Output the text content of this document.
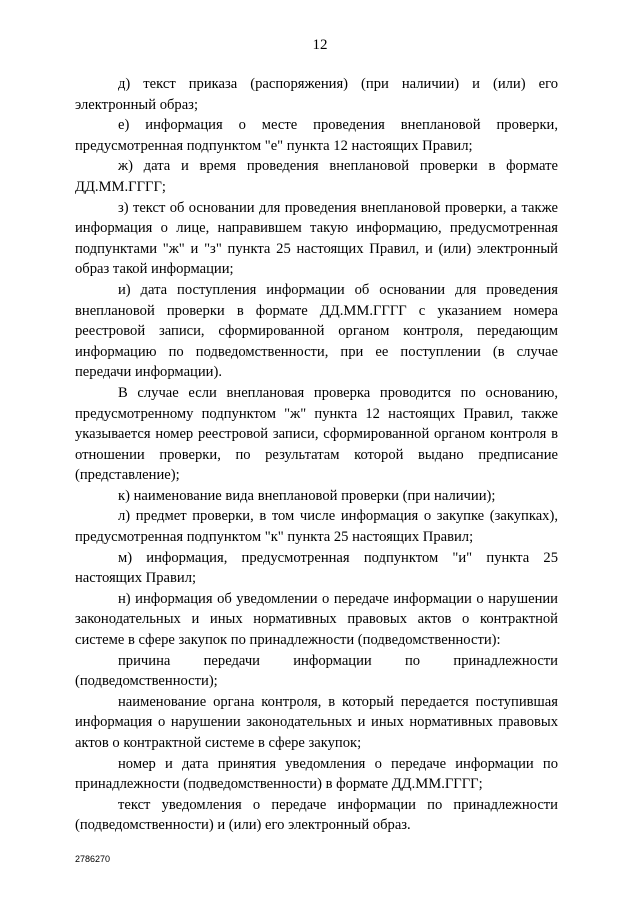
12

д) текст приказа (распоряжения) (при наличии) и (или) его электронный образ;

е) информация о месте проведения внеплановой проверки, предусмотренная подпунктом "е" пункта 12 настоящих Правил;

ж) дата и время проведения внеплановой проверки в формате ДД.ММ.ГГГГ;

з) текст об основании для проведения внеплановой проверки, а также информация о лице, направившем такую информацию, предусмотренная подпунктами "ж" и "з" пункта 25 настоящих Правил, и (или) электронный образ такой информации;

и) дата поступления информации об основании для проведения внеплановой проверки в формате ДД.ММ.ГГГГ с указанием номера реестровой записи, сформированной органом контроля, передающим информацию по подведомственности, при ее поступлении (в случае передачи информации).

В случае если внеплановая проверка проводится по основанию, предусмотренному подпунктом "ж" пункта 12 настоящих Правил, также указывается номер реестровой записи, сформированной органом контроля в отношении проверки, по результатам которой выдано предписание (представление);

к) наименование вида внеплановой проверки (при наличии);

л) предмет проверки, в том числе информация о закупке (закупках), предусмотренная подпунктом "к" пункта 25 настоящих Правил;

м) информация, предусмотренная подпунктом "и" пункта 25 настоящих Правил;

н) информация об уведомлении о передаче информации о нарушении законодательных и иных нормативных правовых актов о контрактной системе в сфере закупок по принадлежности (подведомственности):

причина передачи информации по принадлежности (подведомственности);

наименование органа контроля, в который передается поступившая информация о нарушении законодательных и иных нормативных правовых актов о контрактной системе в сфере закупок;

номер и дата принятия уведомления о передаче информации по принадлежности (подведомственности) в формате ДД.ММ.ГГГГ;

текст уведомления о передаче информации по принадлежности (подведомственности) и (или) его электронный образ.

2786270
